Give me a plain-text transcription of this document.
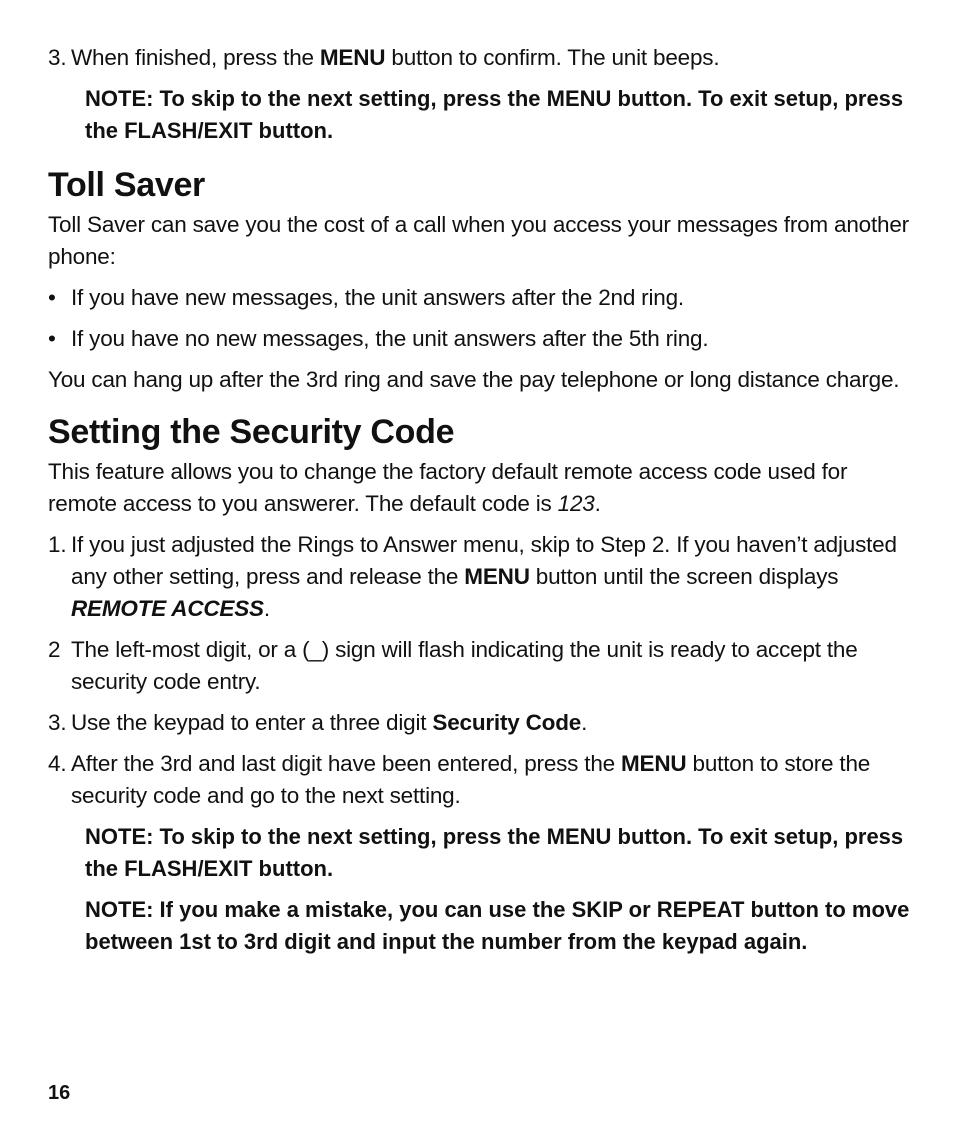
3. When finished, press the MENU button to confirm. The unit beeps.

NOTE: To skip to the next setting, press the MENU button. To exit setup, press the FLASH/EXIT button.

Toll Saver

Toll Saver can save you the cost of a call when you access your messages from another phone:

• If you have new messages, the unit answers after the 2nd ring.

• If you have no new messages, the unit answers after the 5th ring.

You can hang up after the 3rd ring and save the pay telephone or long distance charge.

Setting the Security Code

This feature allows you to change the factory default remote access code used for remote access to you answerer. The default code is 123.

1. If you just adjusted the Rings to Answer menu, skip to Step 2. If you haven’t adjusted any other setting, press and release the MENU button until the screen displays REMOTE ACCESS.

2 The left-most digit, or a (_) sign will flash indicating the unit is ready to accept the security code entry.

3. Use the keypad to enter a three digit Security Code.

4. After the 3rd and last digit have been entered, press the MENU button to store the security code and go to the next setting.

NOTE: To skip to the next setting, press the MENU button. To exit setup, press the FLASH/EXIT button.

NOTE: If you make a mistake, you can use the SKIP or REPEAT button to move between 1st to 3rd digit and input the number from the keypad again.

16
